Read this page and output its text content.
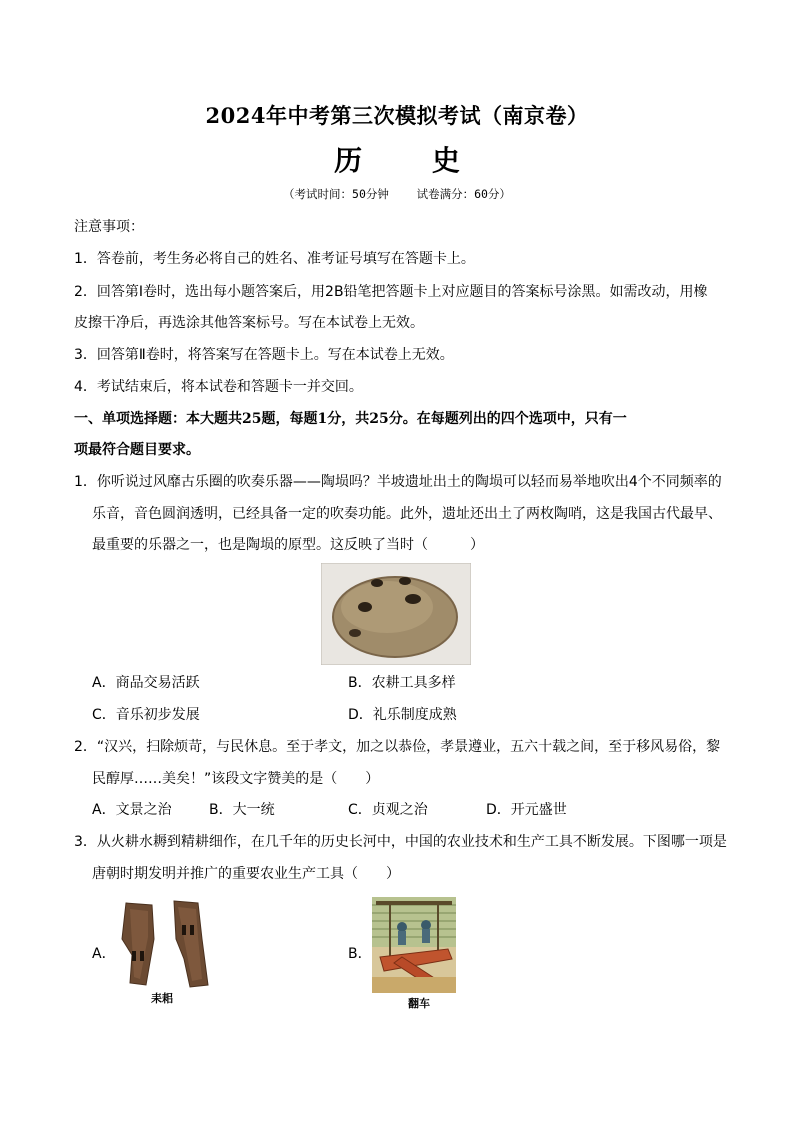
2024年中考第三次模拟考试（南京卷）
历 史
（考试时间：50分钟    试卷满分：60分）
注意事项：
1．答卷前，考生务必将自己的姓名、准考证号填写在答题卡上。
2．回答第Ⅰ卷时，选出每小题答案后，用2B铅笔把答题卡上对应题目的答案标号涂黑。如需改动，用橡
皮擦干净后，再选涂其他答案标号。写在本试卷上无效。
3．回答第Ⅱ卷时，将答案写在答题卡上。写在本试卷上无效。
4．考试结束后，将本试卷和答题卡一并交回。
一、单项选择题：本大题共25题，每题1分，共25分。在每题列出的四个选项中，只有一
项最符合题目要求。
1．你听说过风靡古乐圈的吹奏乐器——陶埙吗？半坡遗址出土的陶埙可以轻而易举地吹出4个不同频率的
乐音，音色圆润透明，已经具备一定的吹奏功能。此外，遗址还出土了两枚陶哨，这是我国古代最早、
最重要的乐器之一，也是陶埙的原型。这反映了当时（　　　）
A．商品交易活跃	B．农耕工具多样
C．音乐初步发展	D．礼乐制度成熟
2．“汉兴，扫除烦苛，与民休息。至于孝文，加之以恭俭，孝景遵业，五六十载之间，至于移风易俗，黎
民醇厚……美矣！”该段文字赞美的是（　　）
A．文景之治	B．大一统	C．贞观之治	D．开元盛世
3．从火耕水耨到精耕细作，在几千年的历史长河中，中国的农业技术和生产工具不断发展。下图哪一项是
唐朝时期发明并推广的重要农业生产工具（　　）
A．
耒耜
B．
翻车
